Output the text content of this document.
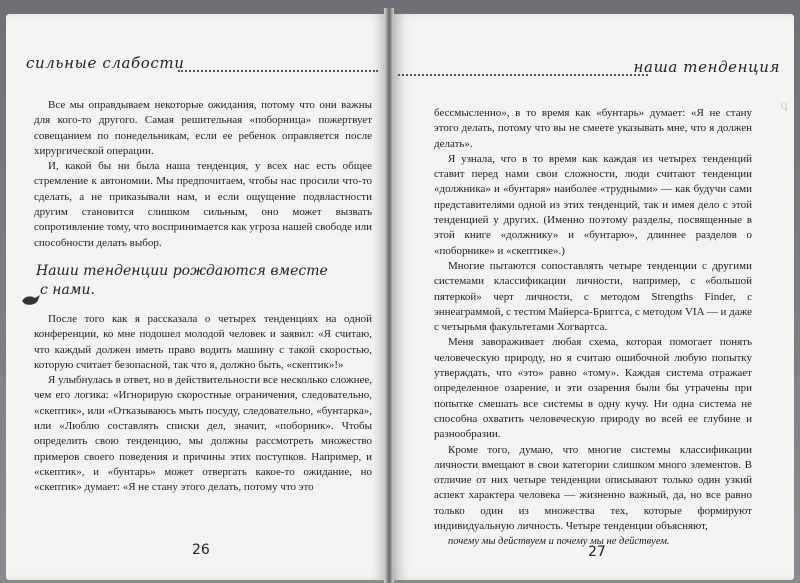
сильные слабости

Все мы оправдываем некоторые ожидания, потому что они важны для кого-то другого. Самая решительная «поборница» пожертвует совещанием по понедельникам, если ее ребенок оправляется после хирургической операции.

И, какой бы ни была наша тенденция, у всех нас есть общее стремление к автономии. Мы предпочитаем, чтобы нас просили что-то сделать, а не приказывали нам, и если ощущение подвластности другим становится слишком сильным, оно может вызвать сопротивление тому, что воспринимается как угроза нашей свободе или способности делать выбор.

Наши тенденции рождаются вместе
с нами.

После того как я рассказала о четырех тенденциях на одной конференции, ко мне подошел молодой человек и заявил: «Я считаю, что каждый должен иметь право водить машину с такой скоростью, которую считает безопасной, так что я, должно быть, «скептик»!»

Я улыбнулась в ответ, но в действительности все несколько сложнее, чем его логика: «Игнорирую скоростные ограничения, следовательно, «скептик», или «Отказываюсь мыть посуду, следовательно, «бунтарка», или «Люблю составлять списки дел, значит, «поборник». Чтобы определить свою тенденцию, мы должны рассмотреть множество примеров своего поведения и причины этих поступков. Например, и «скептик», и «бунтарь» может отвергать какое-то ожидание, но «скептик» думает: «Я не стану этого делать, потому что это

26
наша тенденция
Ч

бессмысленно», в то время как «бунтарь» думает: «Я не стану этого делать, потому что вы не смеете указывать мне, что я должен делать».

Я узнала, что в то время как каждая из четырех тенденций ставит перед нами свои сложности, люди считают тенденции «должника» и «бунтаря» наиболее «трудными» — как будучи сами представителями одной из этих тенденций, так и имея дело с этой тенденцией у других. (Именно поэтому разделы, посвященные в этой книге «должнику» и «бунтарю», длиннее разделов о «поборнике» и «скептике».)

Многие пытаются сопоставлять четыре тенденции с другими системами классификации личности, например, с «большой пятеркой» черт личности, с методом Strengths Finder, с эннеаграммой, с тестом Майерса-Бриггса, с методом VIA — и даже с четырьмя факультетами Хогвартса.

Меня завораживает любая схема, которая помогает понять человеческую природу, но я считаю ошибочной любую попытку утверждать, что «это» равно «тому». Каждая система отражает определенное озарение, и эти озарения были бы утрачены при попытке смешать все системы в одну кучу. Ни одна система не способна охватить человеческую природу во всей ее глубине и разнообразии.

Кроме того, думаю, что многие системы классификации личности вмещают в свои категории слишком много элементов. В отличие от них четыре тенденции описывают только один узкий аспект характера человека — жизненно важный, да, но все равно только один из множества тех, которые формируют индивидуальную личность. Четыре тенденции объясняют,

почему мы действуем и почему мы не действуем.

27
